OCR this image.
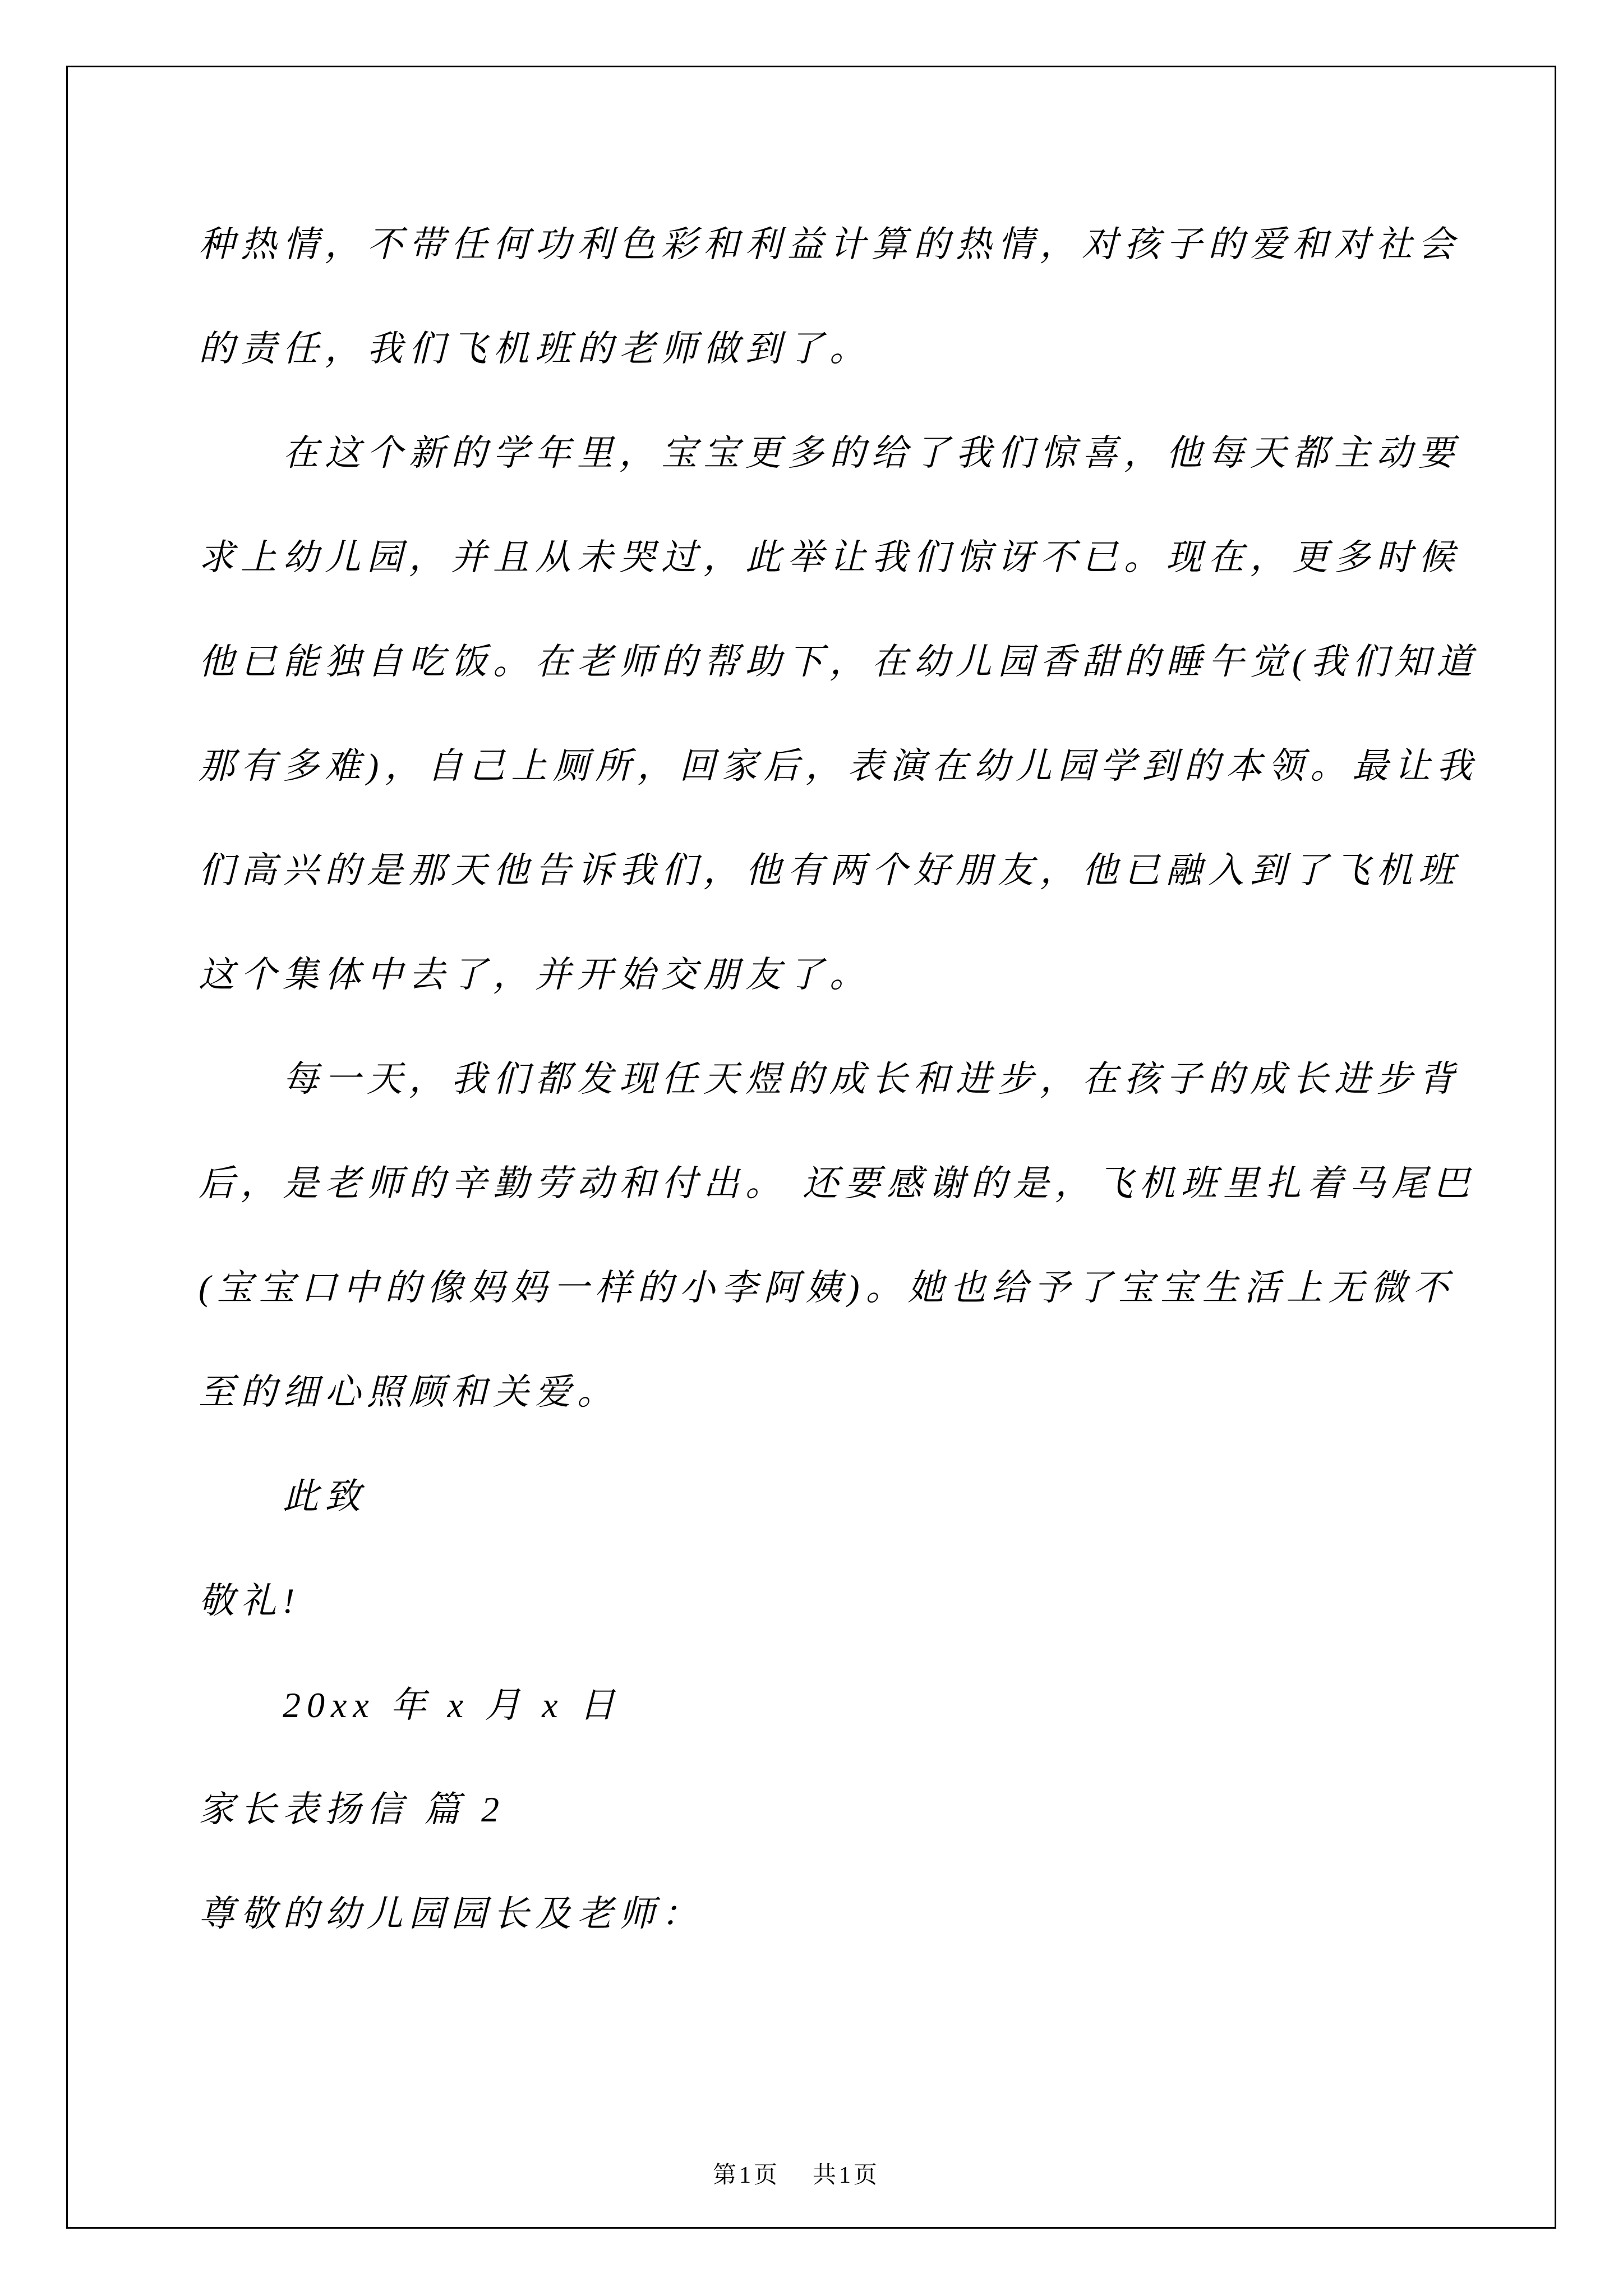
种热情，不带任何功利色彩和利益计算的热情，对孩子的爱和对社会
的责任，我们飞机班的老师做到了。
在这个新的学年里，宝宝更多的给了我们惊喜，他每天都主动要
求上幼儿园，并且从未哭过，此举让我们惊讶不已。现在，更多时候
他已能独自吃饭。在老师的帮助下，在幼儿园香甜的睡午觉(我们知道
那有多难)，自己上厕所，回家后，表演在幼儿园学到的本领。最让我
们高兴的是那天他告诉我们，他有两个好朋友，他已融入到了飞机班
这个集体中去了，并开始交朋友了。
每一天，我们都发现任天煜的成长和进步，在孩子的成长进步背
后，是老师的辛勤劳动和付出。 还要感谢的是，飞机班里扎着马尾巴
(宝宝口中的像妈妈一样的小李阿姨)。她也给予了宝宝生活上无微不
至的细心照顾和关爱。
此致
敬礼!
20xx 年 x 月 x 日
家长表扬信 篇 2
尊敬的幼儿园园长及老师：

第1页 共1页
